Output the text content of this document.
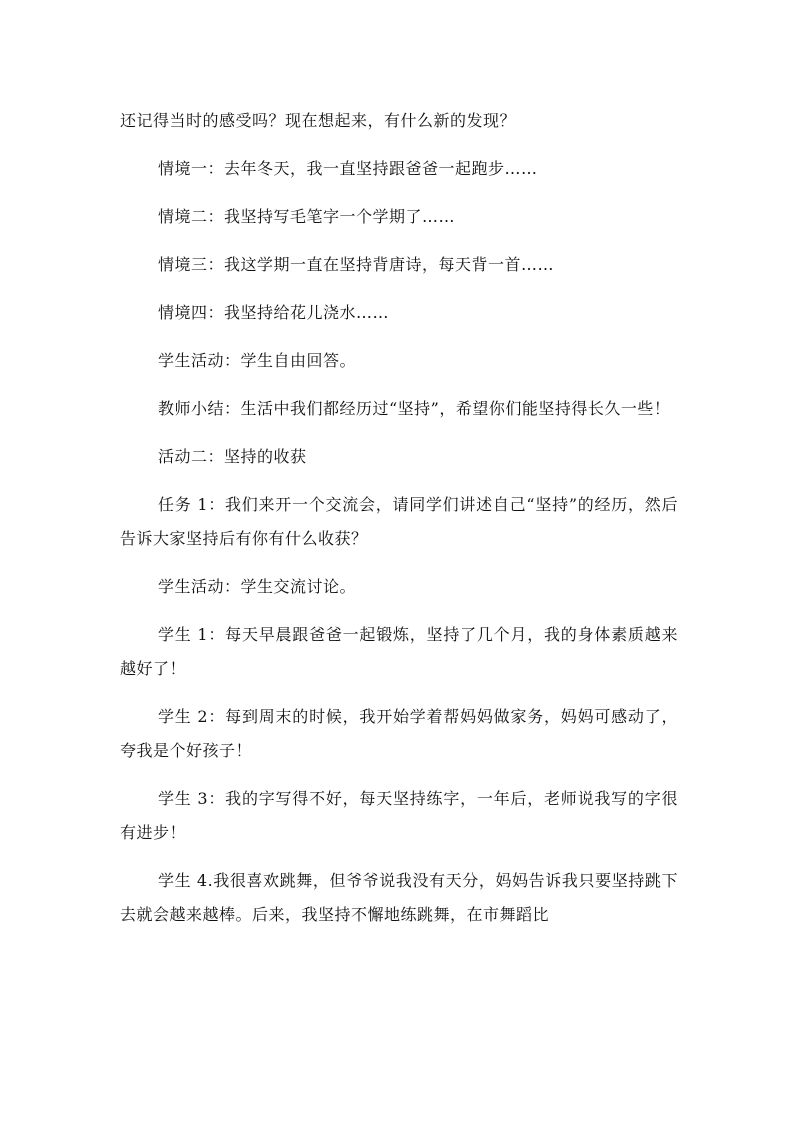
还记得当时的感受吗？现在想起来，有什么新的发现？

情境一：去年冬天，我一直坚持跟爸爸一起跑步……

情境二：我坚持写毛笔字一个学期了……

情境三：我这学期一直在坚持背唐诗，每天背一首……

情境四：我坚持给花儿浇水……

学生活动：学生自由回答。

教师小结：生活中我们都经历过“坚持”，希望你们能坚持得长久一些！

活动二：坚持的收获

任务 1：我们来开一个交流会，请同学们讲述自己“坚持”的经历，然后告诉大家坚持后有你有什么收获？

学生活动：学生交流讨论。

学生 1：每天早晨跟爸爸一起锻炼，坚持了几个月，我的身体素质越来越好了！

学生 2：每到周末的时候，我开始学着帮妈妈做家务，妈妈可感动了，夸我是个好孩子！

学生 3：我的字写得不好，每天坚持练字，一年后，老师说我写的字很有进步！

学生 4.我很喜欢跳舞，但爷爷说我没有天分，妈妈告诉我只要坚持跳下去就会越来越棒。后来，我坚持不懈地练跳舞，在市舞蹈比
